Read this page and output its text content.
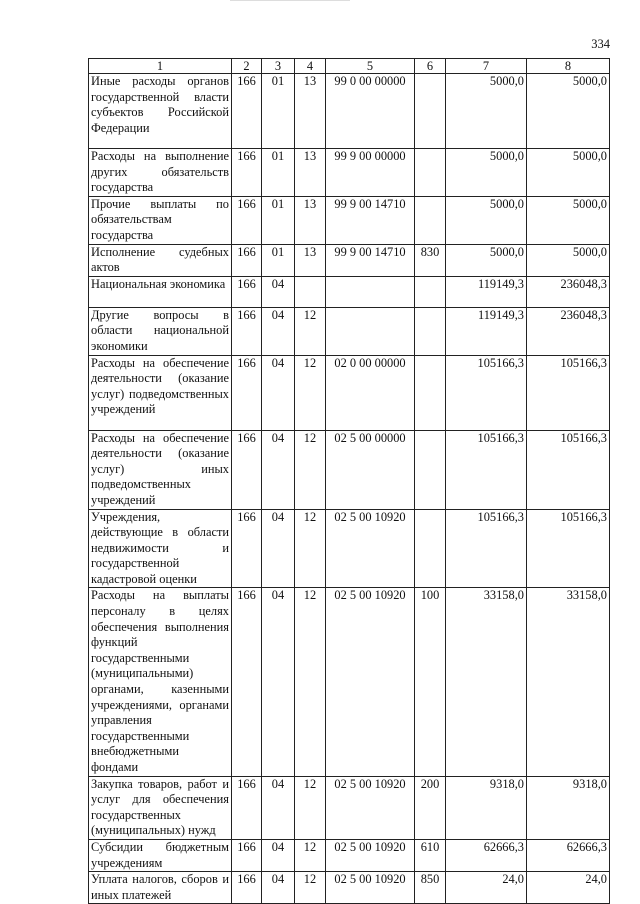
334
1	2	3	4	5	6	7	8
Иные расходы органов государственной власти субъектов Российской Федерации	166	01	13	99 0 00 00000		5000,0	5000,0
Расходы на выполнение других обязательств государства	166	01	13	99 9 00 00000		5000,0	5000,0
Прочие выплаты по обязательствам государства	166	01	13	99 9 00 14710		5000,0	5000,0
Исполнение судебных актов	166	01	13	99 9 00 14710	830	5000,0	5000,0
Национальная экономика	166	04				119149,3	236048,3
Другие вопросы в области национальной экономики	166	04	12			119149,3	236048,3
Расходы на обеспечение деятельности (оказание услуг) подведомственных учреждений	166	04	12	02 0 00 00000		105166,3	105166,3
Расходы на обеспечение деятельности (оказание услуг) иных подведомственных учреждений	166	04	12	02 5 00 00000		105166,3	105166,3
Учреждения, действующие в области недвижимости и государственной кадастровой оценки	166	04	12	02 5 00 10920		105166,3	105166,3
Расходы на выплаты персоналу в целях обеспечения выполнения функций государственными (муниципальными) органами, казенными учреждениями, органами управления государственными внебюджетными фондами	166	04	12	02 5 00 10920	100	33158,0	33158,0
Закупка товаров, работ и услуг для обеспечения государственных (муниципальных) нужд	166	04	12	02 5 00 10920	200	9318,0	9318,0
Субсидии бюджетным учреждениям	166	04	12	02 5 00 10920	610	62666,3	62666,3
Уплата налогов, сборов и иных платежей	166	04	12	02 5 00 10920	850	24,0	24,0
